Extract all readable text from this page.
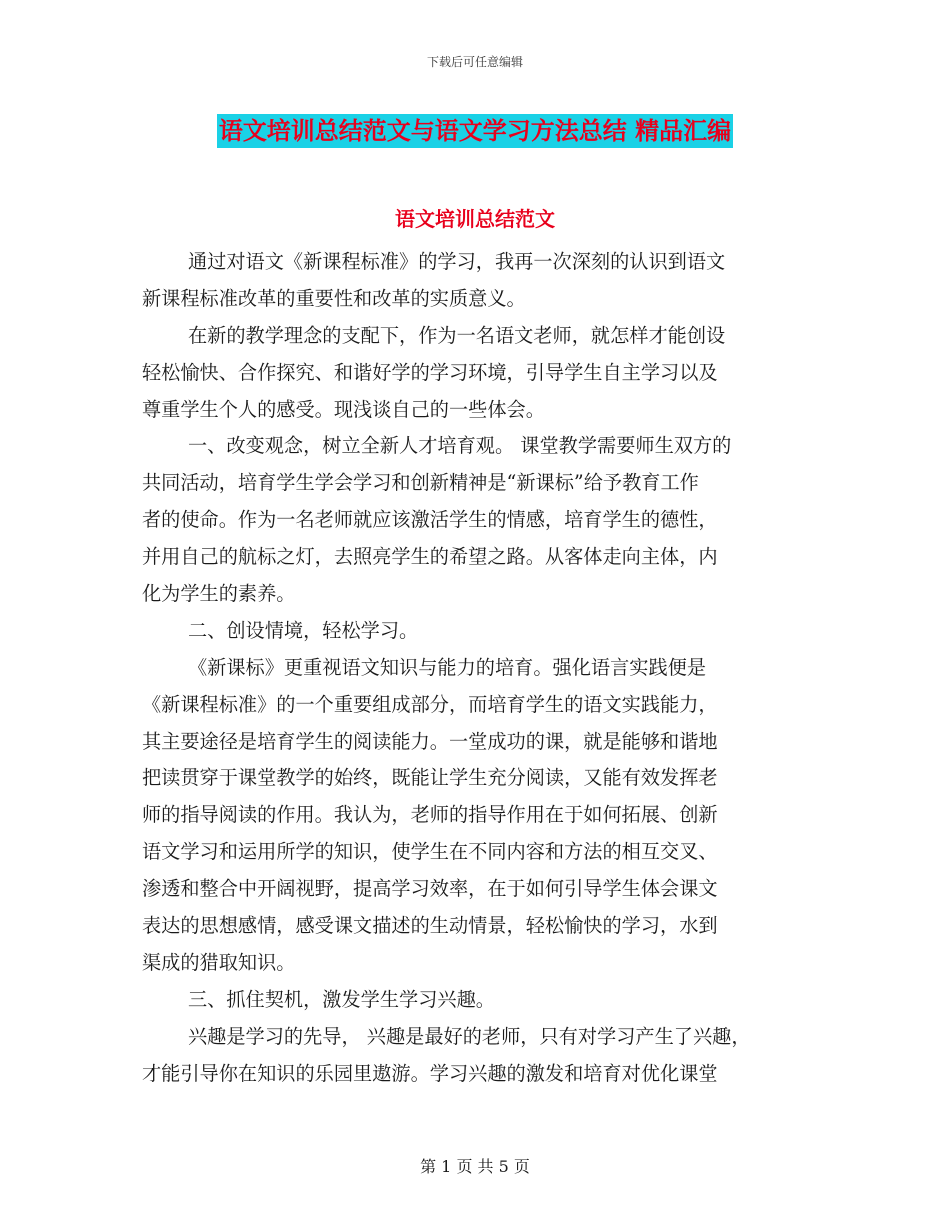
下载后可任意编辑
语文培训总结范文与语文学习方法总结 精品汇编
语文培训总结范文
通过对语文《新课程标准》的学习，我再一次深刻的认识到语文
新课程标准改革的重要性和改革的实质意义。
在新的教学理念的支配下，作为一名语文老师，就怎样才能创设
轻松愉快、合作探究、和谐好学的学习环境，引导学生自主学习以及
尊重学生个人的感受。现浅谈自己的一些体会。
一、改变观念，树立全新人才培育观。 课堂教学需要师生双方的
共同活动，培育学生学会学习和创新精神是“新课标”给予教育工作
者的使命。作为一名老师就应该激活学生的情感，培育学生的德性，
并用自己的航标之灯，去照亮学生的希望之路。从客体走向主体，内
化为学生的素养。
二、创设情境，轻松学习。
《新课标》更重视语文知识与能力的培育。强化语言实践便是
《新课程标准》的一个重要组成部分，而培育学生的语文实践能力，
其主要途径是培育学生的阅读能力。一堂成功的课，就是能够和谐地
把读贯穿于课堂教学的始终，既能让学生充分阅读，又能有效发挥老
师的指导阅读的作用。我认为，老师的指导作用在于如何拓展、创新
语文学习和运用所学的知识，使学生在不同内容和方法的相互交叉、
渗透和整合中开阔视野，提高学习效率，在于如何引导学生体会课文
表达的思想感情，感受课文描述的生动情景，轻松愉快的学习，水到
渠成的猎取知识。
三、抓住契机，激发学生学习兴趣。
兴趣是学习的先导， 兴趣是最好的老师，只有对学习产生了兴趣，
才能引导你在知识的乐园里遨游。学习兴趣的激发和培育对优化课堂
第 1 页 共 5 页
